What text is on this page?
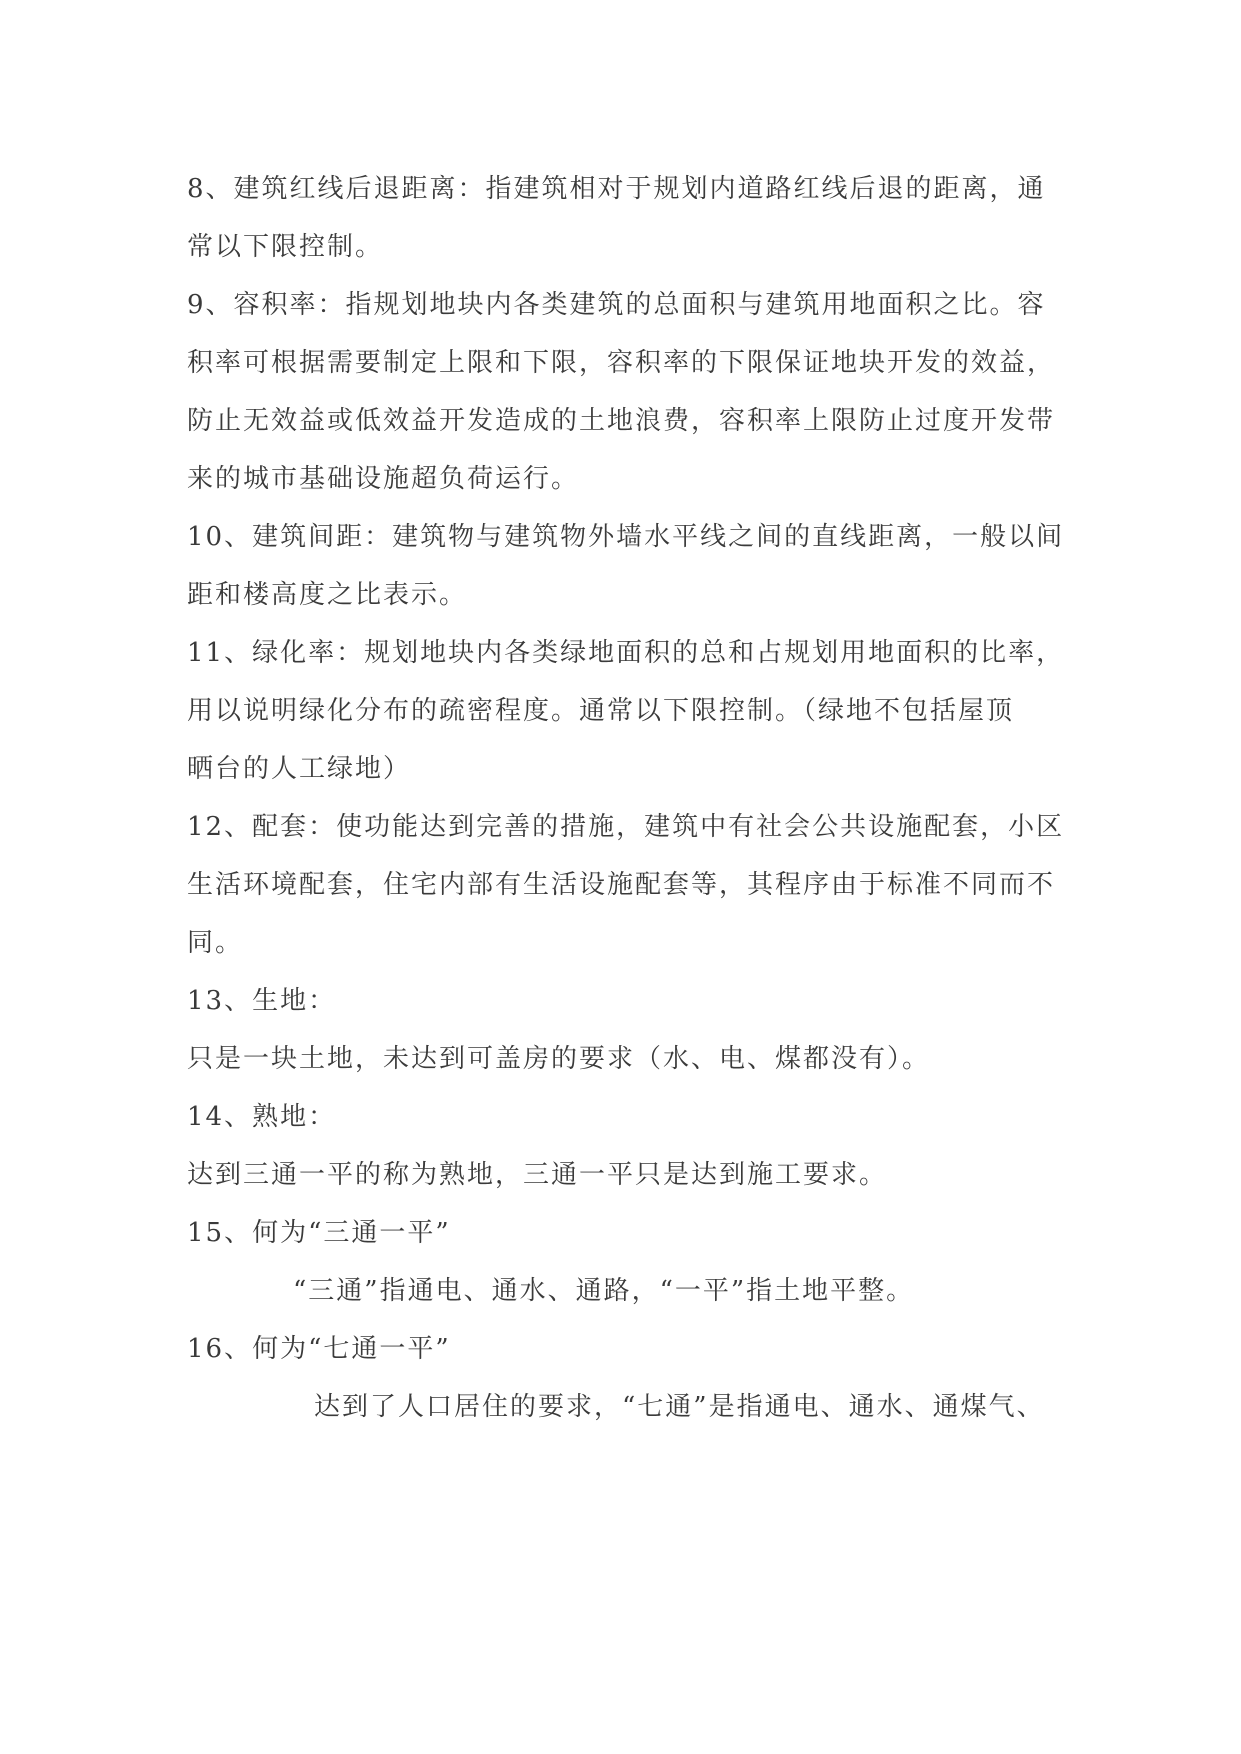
8、建筑红线后退距离：指建筑相对于规划内道路红线后退的距离，通
常以下限控制。
9、容积率：指规划地块内各类建筑的总面积与建筑用地面积之比。容
积率可根据需要制定上限和下限，容积率的下限保证地块开发的效益，
防止无效益或低效益开发造成的土地浪费，容积率上限防止过度开发带
来的城市基础设施超负荷运行。
10、建筑间距：建筑物与建筑物外墙水平线之间的直线距离，一般以间
距和楼高度之比表示。
11、绿化率：规划地块内各类绿地面积的总和占规划用地面积的比率，
用以说明绿化分布的疏密程度。通常以下限控制。（绿地不包括屋顶
晒台的人工绿地）
12、配套：使功能达到完善的措施，建筑中有社会公共设施配套，小区
生活环境配套，住宅内部有生活设施配套等，其程序由于标准不同而不
同。
13、生地：
只是一块土地，未达到可盖房的要求（水、电、煤都没有）。
14、熟地：
达到三通一平的称为熟地，三通一平只是达到施工要求。
15、何为“三通一平”
“三通”指通电、通水、通路，“一平”指土地平整。
16、何为“七通一平”
达到了人口居住的要求，“七通”是指通电、通水、通煤气、
